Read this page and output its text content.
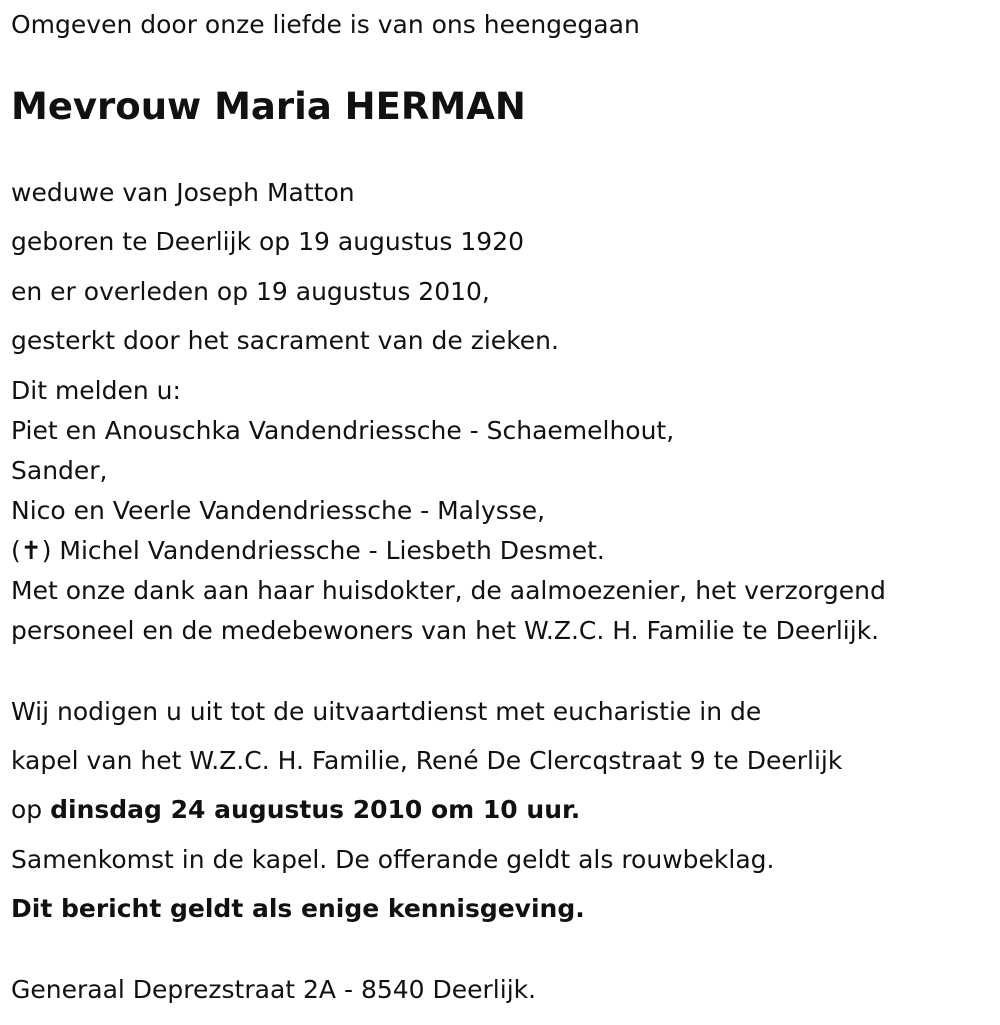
Omgeven door onze liefde is van ons heengegaan
Mevrouw Maria HERMAN
weduwe van Joseph Matton
geboren te Deerlijk op 19 augustus 1920
en er overleden op 19 augustus 2010,
gesterkt door het sacrament van de zieken.
Dit melden u:
Piet en Anouschka Vandendriessche - Schaemelhout,
Sander,
Nico en Veerle Vandendriessche - Malysse,
(✝) Michel Vandendriessche - Liesbeth Desmet.
Met onze dank aan haar huisdokter, de aalmoezenier, het verzorgend
personeel en de medebewoners van het W.Z.C. H. Familie te Deerlijk.
Wij nodigen u uit tot de uitvaartdienst met eucharistie in de
kapel van het W.Z.C. H. Familie, René De Clercqstraat 9 te Deerlijk
op dinsdag 24 augustus 2010 om 10 uur.
Samenkomst in de kapel. De offerande geldt als rouwbeklag.
Dit bericht geldt als enige kennisgeving.
Generaal Deprezstraat 2A - 8540 Deerlijk.
